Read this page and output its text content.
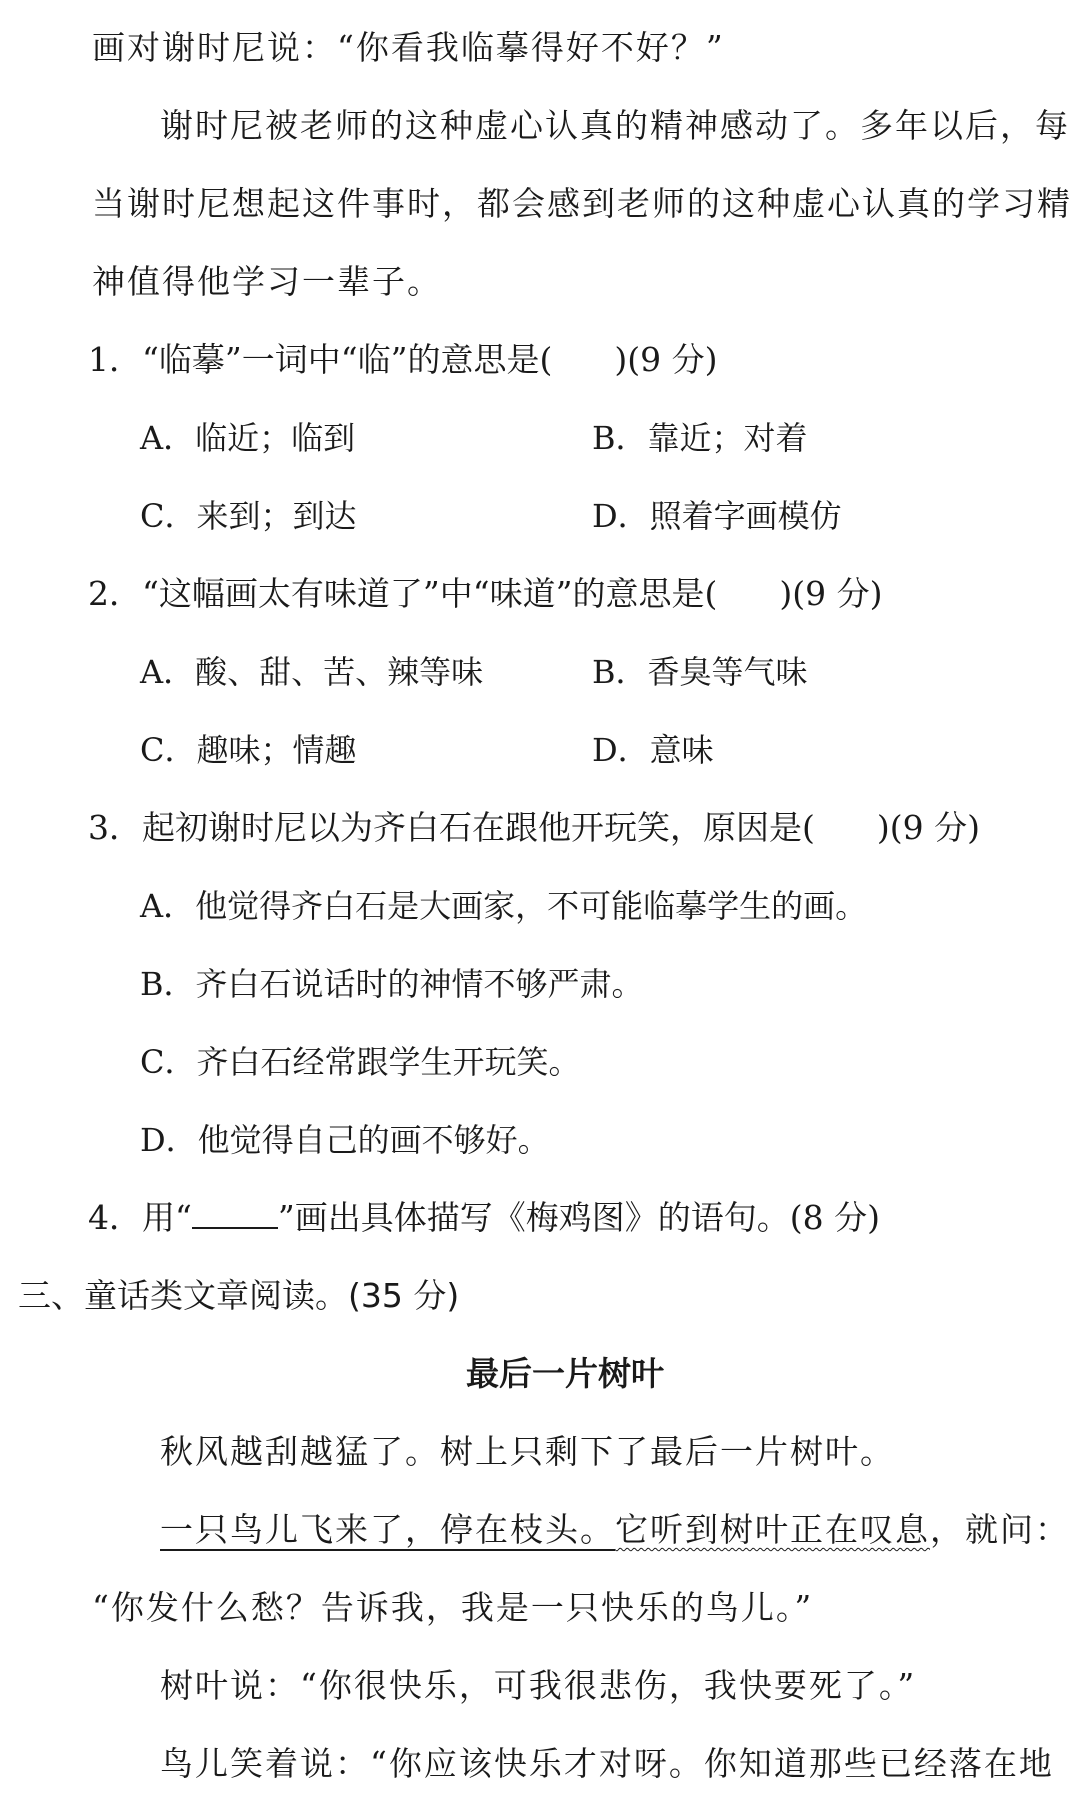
画对谢时尼说：“你看我临摹得好不好？”
谢时尼被老师的这种虚心认真的精神感动了。多年以后，每
当谢时尼想起这件事时，都会感到老师的这种虚心认真的学习精
神值得他学习一辈子。
1．“临摹”一词中“临”的意思是( )(9 分)
A．临近；临到	B．靠近；对着
C．来到；到达	D．照着字画模仿
2．“这幅画太有味道了”中“味道”的意思是( )(9 分)
A．酸、甜、苦、辣等味	B．香臭等气味
C．趣味；情趣	D．意味
3．起初谢时尼以为齐白石在跟他开玩笑，原因是( )(9 分)
A．他觉得齐白石是大画家，不可能临摹学生的画。
B．齐白石说话时的神情不够严肃。
C．齐白石经常跟学生开玩笑。
D．他觉得自己的画不够好。
4．用“	”画出具体描写《梅鸡图》的语句。(8 分)
三、童话类文章阅读。(35 分)
最后一片树叶
秋风越刮越猛了。树上只剩下了最后一片树叶。
一只鸟儿飞来了，停在枝头。它听到树叶正在叹息，就问：
“你发什么愁？告诉我，我是一只快乐的鸟儿。”
树叶说：“你很快乐，可我很悲伤，我快要死了。”
鸟儿笑着说：“你应该快乐才对呀。你知道那些已经落在地
